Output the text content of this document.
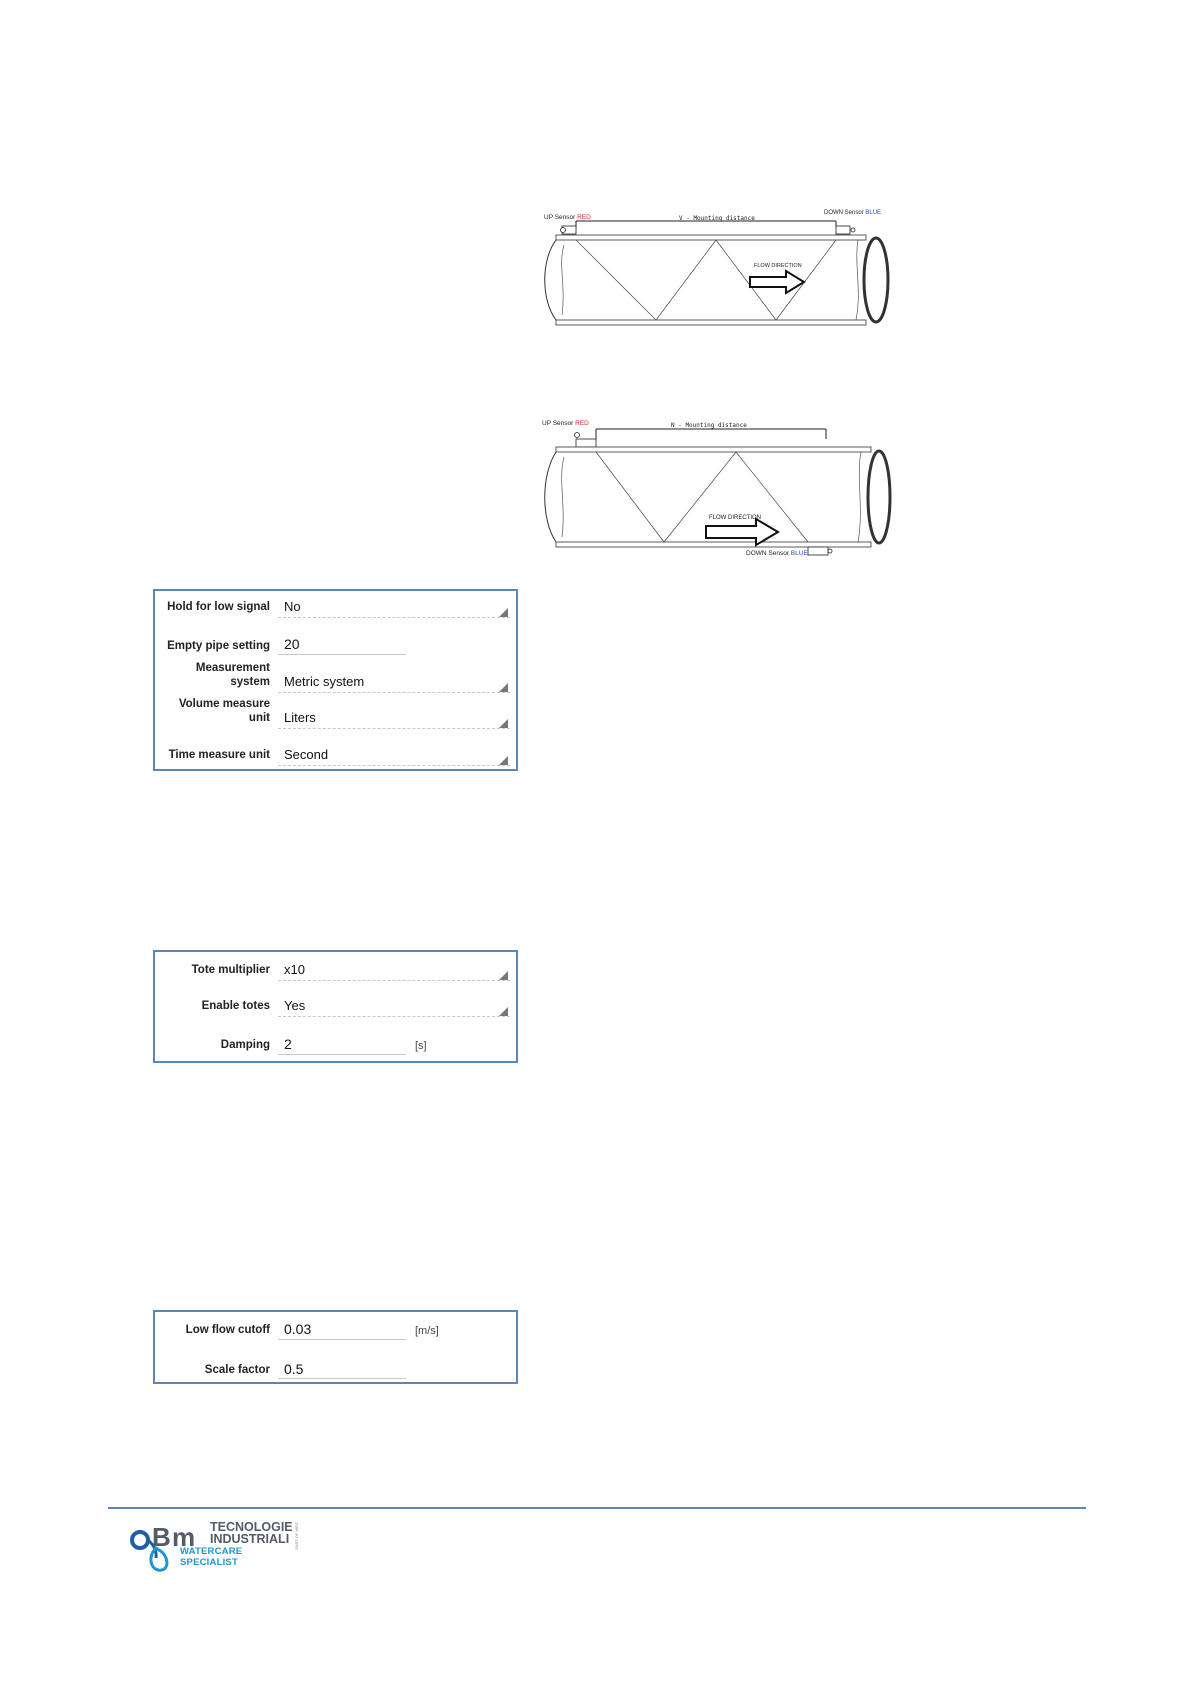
UP Sensor RED
DOWN Sensor BLUE
V - Mounting distance
FLOW DIRECTION
UP Sensor RED	N - Mounting distance
DOWN Sensor BLUE
FLOW DIRECTION
Hold for low signal No
Empty pipe setting 20
Measurement
system Metric system
Volume measure
unit Liters
Time measure unit Second
Tote multiplier x10
Enable totes Yes
Damping 2	[s]
Low flow cutoff 0.03	[m/s]
Scale factor 0.5
B m TECNOLOGIE
INDUSTRIALI
WATERCARE SPECIALIST
PART OF WEG
